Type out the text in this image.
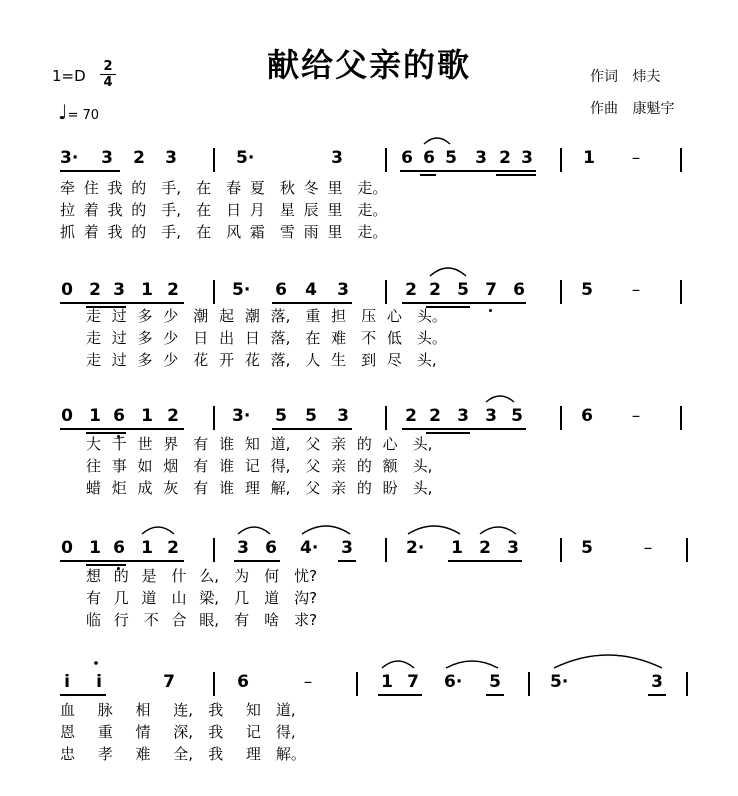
献给父亲的歌
1=D
2
4
♩= 70
作词 炜夫
作曲 康魁宇
3· 3 2 3	5·	3	6 6 5 3 2 3	1 –
牵 住 我 的　手,　在　春 夏　秋 冬 里　走。
拉 着 我 的　手,　在　日 月　星 辰 里　走。
抓 着 我 的　手,　在　风 霜　雪 雨 里　走。
0 2 3 1 2	5· 6 4 3	2 2 5 7 6	5 –
走 过 多 少　潮 起 潮 落,　重 担　压 心　头。
走 过 多 少　日 出 日 落,　在 难　不 低　头。
走 过 多 少　花 开 花 落,　人 生　到 尽　头,
0 1 6 1 2	3· 5 5 3	2 2 3 3 5	6 –
大 千 世 界　有 谁 知 道,　父 亲 的 心　头,
往 事 如 烟　有 谁 记 得,　父 亲 的 额　头,
蜡 炬 成 灰　有 谁 理 解,　父 亲 的 盼　头,
0 1 6 1 2	3 6 4· 3	2· 1 2 3	5	–
想 的 是　什 么,　为　何　忧?
有 几 道　山 梁,　几　道　沟?
临 行　不 合 眼,　有　啥　求?
i i	7	6	–	1 7 6· 5	5·	3
血 脉 相 连,　我 知　道,
恩 重 情 深,　我 记　得,
忠 孝 难 全,　我 理　解。
